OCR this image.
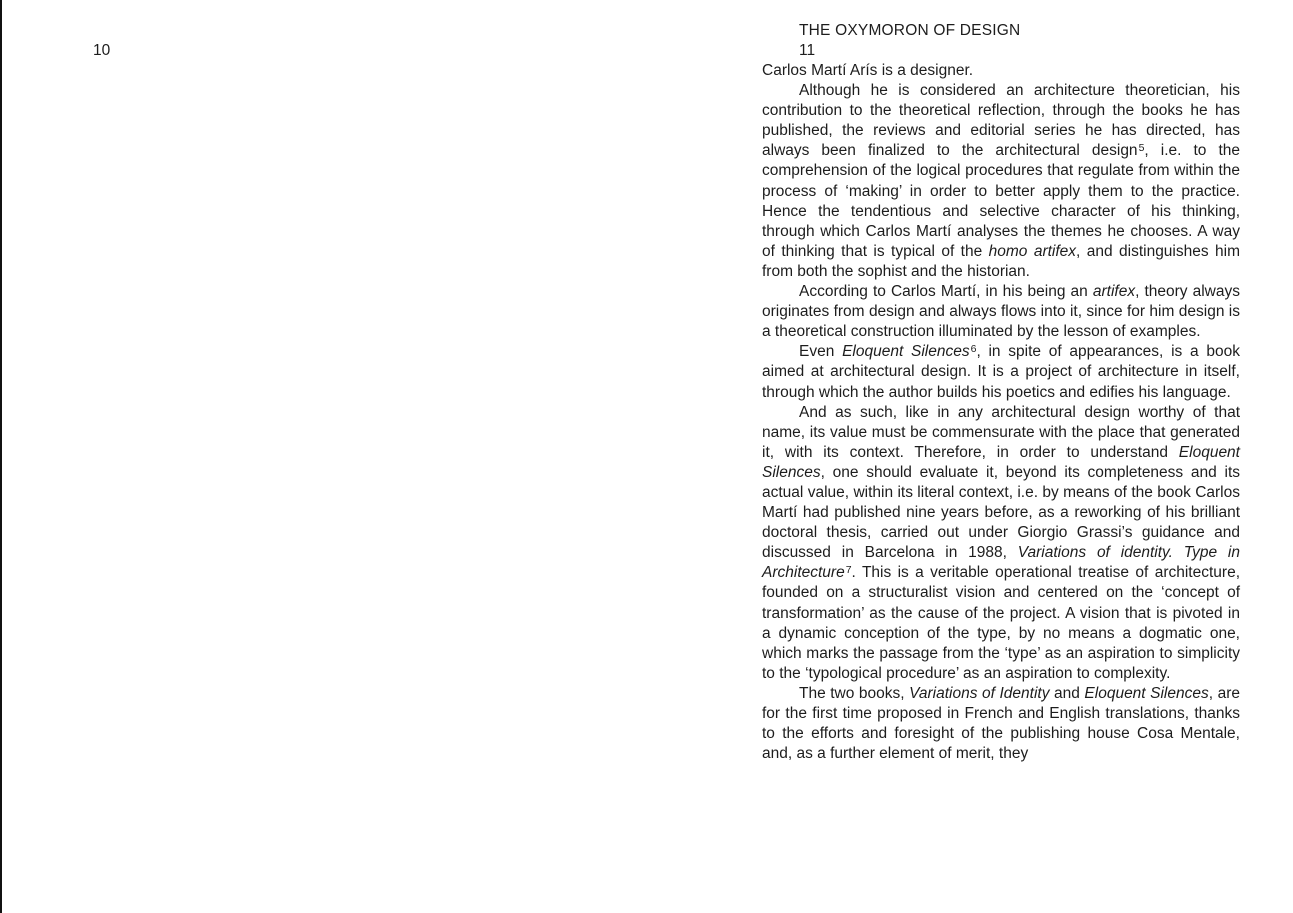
10
THE OXYMORON OF DESIGN
11

Carlos Martí Arís is a designer.

Although he is considered an architecture theoretician, his contribution to the theoretical reflection, through the books he has published, the reviews and editorial series he has directed, has always been finalized to the architectural design$^5$, i.e. to the comprehension of the logical procedures that regulate from within the process of ‘making’ in order to better apply them to the practice. Hence the tendentious and selective character of his thinking, through which Carlos Martí analyses the themes he chooses. A way of thinking that is typical of the homo artifex, and distinguishes him from both the sophist and the historian.

According to Carlos Martí, in his being an artifex, theory always originates from design and always flows into it, since for him design is a theoretical construction illuminated by the lesson of examples.

Even Eloquent Silences$^6$, in spite of appearances, is a book aimed at architectural design. It is a project of architecture in itself, through which the author builds his poetics and edifies his language.

And as such, like in any architectural design worthy of that name, its value must be commensurate with the place that generated it, with its context. Therefore, in order to understand Eloquent Silences, one should evaluate it, beyond its completeness and its actual value, within its literal context, i.e. by means of the book Carlos Martí had published nine years before, as a reworking of his brilliant doctoral thesis, carried out under Giorgio Grassi’s guidance and discussed in Barcelona in 1988, Variations of identity. Type in Architecture$^7$. This is a veritable operational treatise of architecture, founded on a structuralist vision and centered on the ‘concept of transformation’ as the cause of the project. A vision that is pivoted in a dynamic conception of the type, by no means a dogmatic one, which marks the passage from the ‘type’ as an aspiration to simplicity to the ‘typological procedure’ as an aspiration to complexity.

The two books, Variations of Identity and Eloquent Silences, are for the first time proposed in French and English translations, thanks to the efforts and foresight of the publishing house Cosa Mentale, and, as a further element of merit, they
